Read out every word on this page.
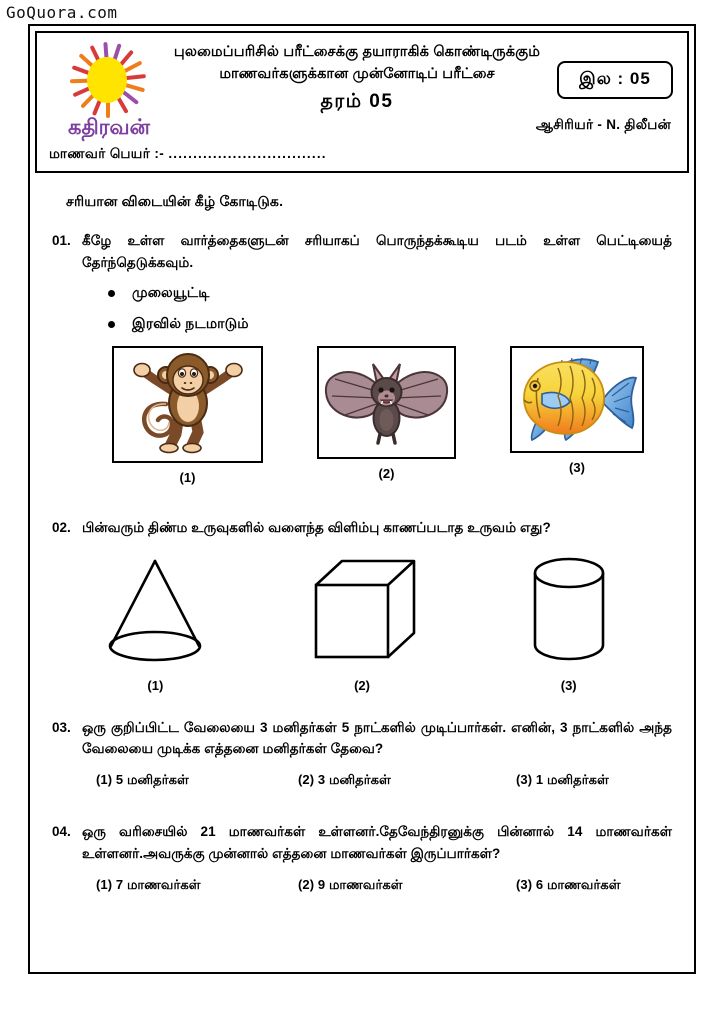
GoQuora.com
கதிரவன்
புலமைப்பரிசில் பரீட்சைக்கு தயாராகிக் கொண்டிருக்கும்
மாணவர்களுக்கான முன்னோடிப் பரீட்சை
தரம் 05
இல : 05
ஆசிரியர் - N. திலீபன்
மாணவர் பெயர் :- ................................
சரியான விடையின் கீழ் கோடிடுக.
01. கீழே உள்ள வார்த்தைகளுடன் சரியாகப் பொருந்தக்கூடிய படம் உள்ள பெட்டியைத் தேர்ந்தெடுக்கவும்.
முலையூட்டி
இரவில் நடமாடும்
(1)	(2)	(3)
02. பின்வரும் திண்ம உருவுகளில் வளைந்த விளிம்பு காணப்படாத உருவம் எது?
(1)	(2)	(3)
03. ஒரு குறிப்பிட்ட வேலையை 3 மனிதர்கள் 5 நாட்களில் முடிப்பார்கள். எனின், 3 நாட்களில் அந்த வேலையை முடிக்க எத்தனை மனிதர்கள் தேவை?
(1) 5 மனிதர்கள்	(2) 3 மனிதர்கள்	(3) 1 மனிதர்கள்
04. ஒரு வரிசையில் 21 மாணவர்கள் உள்ளனர்.தேவேந்திரனுக்கு பின்னால் 14 மாணவர்கள் உள்ளனர்.அவருக்கு முன்னால் எத்தனை மாணவர்கள் இருப்பார்கள்?
(1) 7 மாணவர்கள்	(2) 9 மாணவர்கள்	(3) 6 மாணவர்கள்
